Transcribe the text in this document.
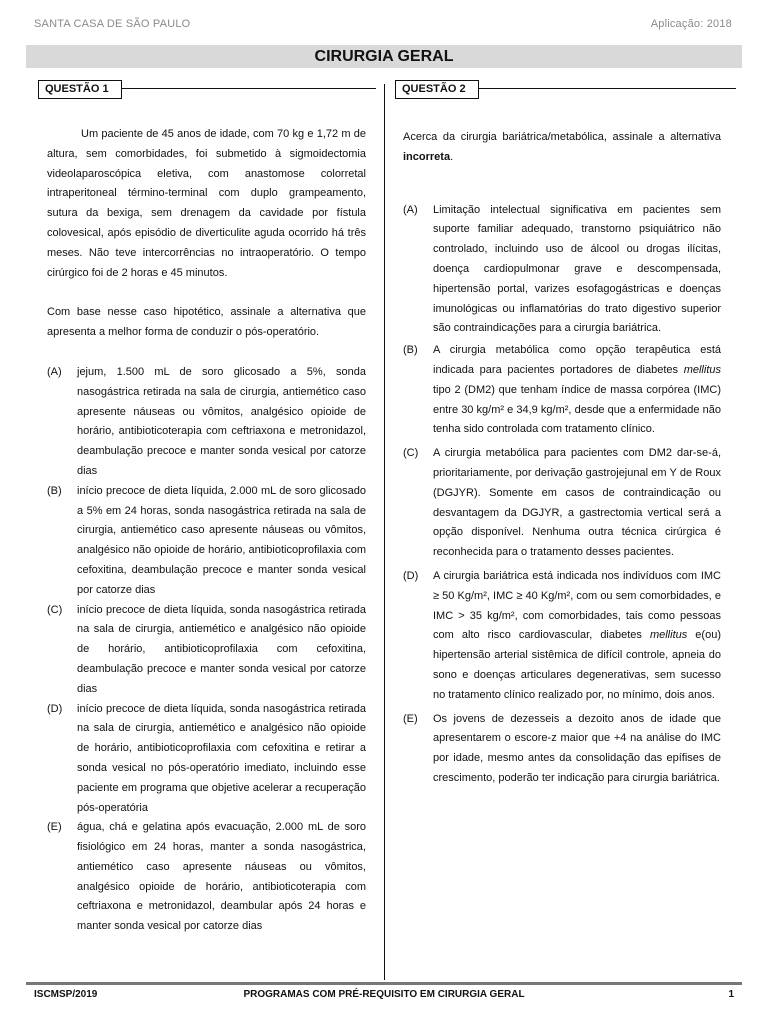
SANTA CASA DE SÃO PAULO	Aplicação: 2018
CIRURGIA GERAL
QUESTÃO 1	QUESTÃO 2

Um paciente de 45 anos de idade, com 70 kg e 1,72 m de altura, sem comorbidades, foi submetido à sigmoidectomia videolaparoscópica eletiva, com anastomose colorretal intraperitoneal término-terminal com duplo grampeamento, sutura da bexiga, sem drenagem da cavidade por fístula colovesical, após episódio de diverticulite aguda ocorrido há três meses. Não teve intercorrências no intraoperatório. O tempo cirúrgico foi de 2 horas e 45 minutos.

Com base nesse caso hipotético, assinale a alternativa que apresenta a melhor forma de conduzir o pós-operatório.

(A) jejum, 1.500 mL de soro glicosado a 5%, sonda nasogástrica retirada na sala de cirurgia, antiemético caso apresente náuseas ou vômitos, analgésico opioide de horário, antibioticoterapia com ceftriaxona e metronidazol, deambulação precoce e manter sonda vesical por catorze dias

(B) início precoce de dieta líquida, 2.000 mL de soro glicosado a 5% em 24 horas, sonda nasogástrica retirada na sala de cirurgia, antiemético caso apresente náuseas ou vômitos, analgésico não opioide de horário, antibioticoprofilaxia com cefoxitina, deambulação precoce e manter sonda vesical por catorze dias

(C) início precoce de dieta líquida, sonda nasogástrica retirada na sala de cirurgia, antiemético e analgésico não opioide de horário, antibioticoprofilaxia com cefoxitina, deambulação precoce e manter sonda vesical por catorze dias

(D) início precoce de dieta líquida, sonda nasogástrica retirada na sala de cirurgia, antiemético e analgésico não opioide de horário, antibioticoprofilaxia com cefoxitina e retirar a sonda vesical no pós-operatório imediato, incluindo esse paciente em programa que objetive acelerar a recuperação pós-operatória

(E) água, chá e gelatina após evacuação, 2.000 mL de soro fisiológico em 24 horas, manter a sonda nasogástrica, antiemético caso apresente náuseas ou vômitos, analgésico opioide de horário, antibioticoterapia com ceftriaxona e metronidazol, deambular após 24 horas e manter sonda vesical por catorze dias

Acerca da cirurgia bariátrica/metabólica, assinale a alternativa incorreta.

(A) Limitação intelectual significativa em pacientes sem suporte familiar adequado, transtorno psiquiátrico não controlado, incluindo uso de álcool ou drogas ilícitas, doença cardiopulmonar grave e descompensada, hipertensão portal, varizes esofagogástricas e doenças imunológicas ou inflamatórias do trato digestivo superior são contraindicações para a cirurgia bariátrica.

(B) A cirurgia metabólica como opção terapêutica está indicada para pacientes portadores de diabetes mellitus tipo 2 (DM2) que tenham índice de massa corpórea (IMC) entre 30 kg/m² e 34,9 kg/m², desde que a enfermidade não tenha sido controlada com tratamento clínico.

(C) A cirurgia metabólica para pacientes com DM2 dar-se-á, prioritariamente, por derivação gastrojejunal em Y de Roux (DGJYR). Somente em casos de contraindicação ou desvantagem da DGJYR, a gastrectomia vertical será a opção disponível. Nenhuma outra técnica cirúrgica é reconhecida para o tratamento desses pacientes.

(D) A cirurgia bariátrica está indicada nos indivíduos com IMC ≥ 50 Kg/m², IMC ≥ 40 Kg/m², com ou sem comorbidades, e IMC > 35 kg/m², com comorbidades, tais como pessoas com alto risco cardiovascular, diabetes mellitus e(ou) hipertensão arterial sistêmica de difícil controle, apneia do sono e doenças articulares degenerativas, sem sucesso no tratamento clínico realizado por, no mínimo, dois anos.

(E) Os jovens de dezesseis a dezoito anos de idade que apresentarem o escore-z maior que +4 na análise do IMC por idade, mesmo antes da consolidação das epífises de crescimento, poderão ter indicação para cirurgia bariátrica.

ISCMSP/2019	PROGRAMAS COM PRÉ-REQUISITO EM CIRURGIA GERAL	1
